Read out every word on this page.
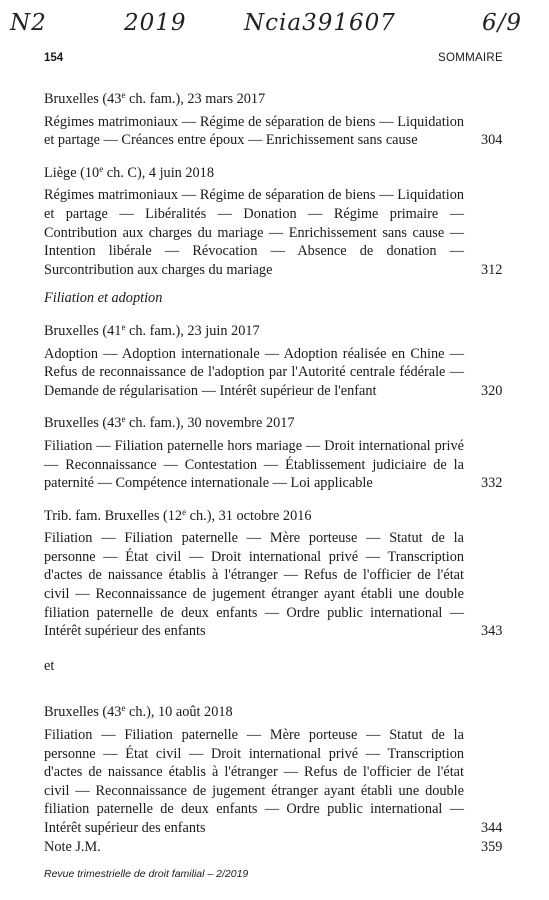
N2	2019 Ncia391607	6/9
154	SOMMAIRE

Bruxelles (43e ch. fam.), 23 mars 2017

Régimes matrimoniaux — Régime de séparation de biens — Liquidation et partage — Créances entre époux — Enrichissement sans cause	304

Liège (10e ch. C), 4 juin 2018

Régimes matrimoniaux — Régime de séparation de biens — Liquidation et partage — Libéralités — Donation — Régime primaire — Contribution aux charges du mariage — Enrichissement sans cause — Intention libérale — Révocation — Absence de donation — Surcontribution aux charges du mariage	312

Filiation et adoption

Bruxelles (41e ch. fam.), 23 juin 2017

Adoption — Adoption internationale — Adoption réalisée en Chine — Refus de reconnaissance de l'adoption par l'Autorité centrale fédérale — Demande de régularisation — Intérêt supérieur de l'enfant	320

Bruxelles (43e ch. fam.), 30 novembre 2017

Filiation — Filiation paternelle hors mariage — Droit international privé — Reconnaissance — Contestation — Établissement judiciaire de la paternité — Compétence internationale — Loi applicable	332

Trib. fam. Bruxelles (12e ch.), 31 octobre 2016

Filiation — Filiation paternelle — Mère porteuse — Statut de la personne — État civil — Droit international privé — Transcription d'actes de naissance établis à l'étranger — Refus de l'officier de l'état civil — Reconnaissance de jugement étranger ayant établi une double filiation paternelle de deux enfants — Ordre public international — Intérêt supérieur des enfants	343

et

Bruxelles (43e ch.), 10 août 2018

Filiation — Filiation paternelle — Mère porteuse — Statut de la personne — État civil — Droit international privé — Transcription d'actes de naissance établis à l'étranger — Refus de l'officier de l'état civil — Reconnaissance de jugement étranger ayant établi une double filiation paternelle de deux enfants — Ordre public international — Intérêt supérieur des enfants	344

Note J.M.	359

Revue trimestrielle de droit familial – 2/2019
